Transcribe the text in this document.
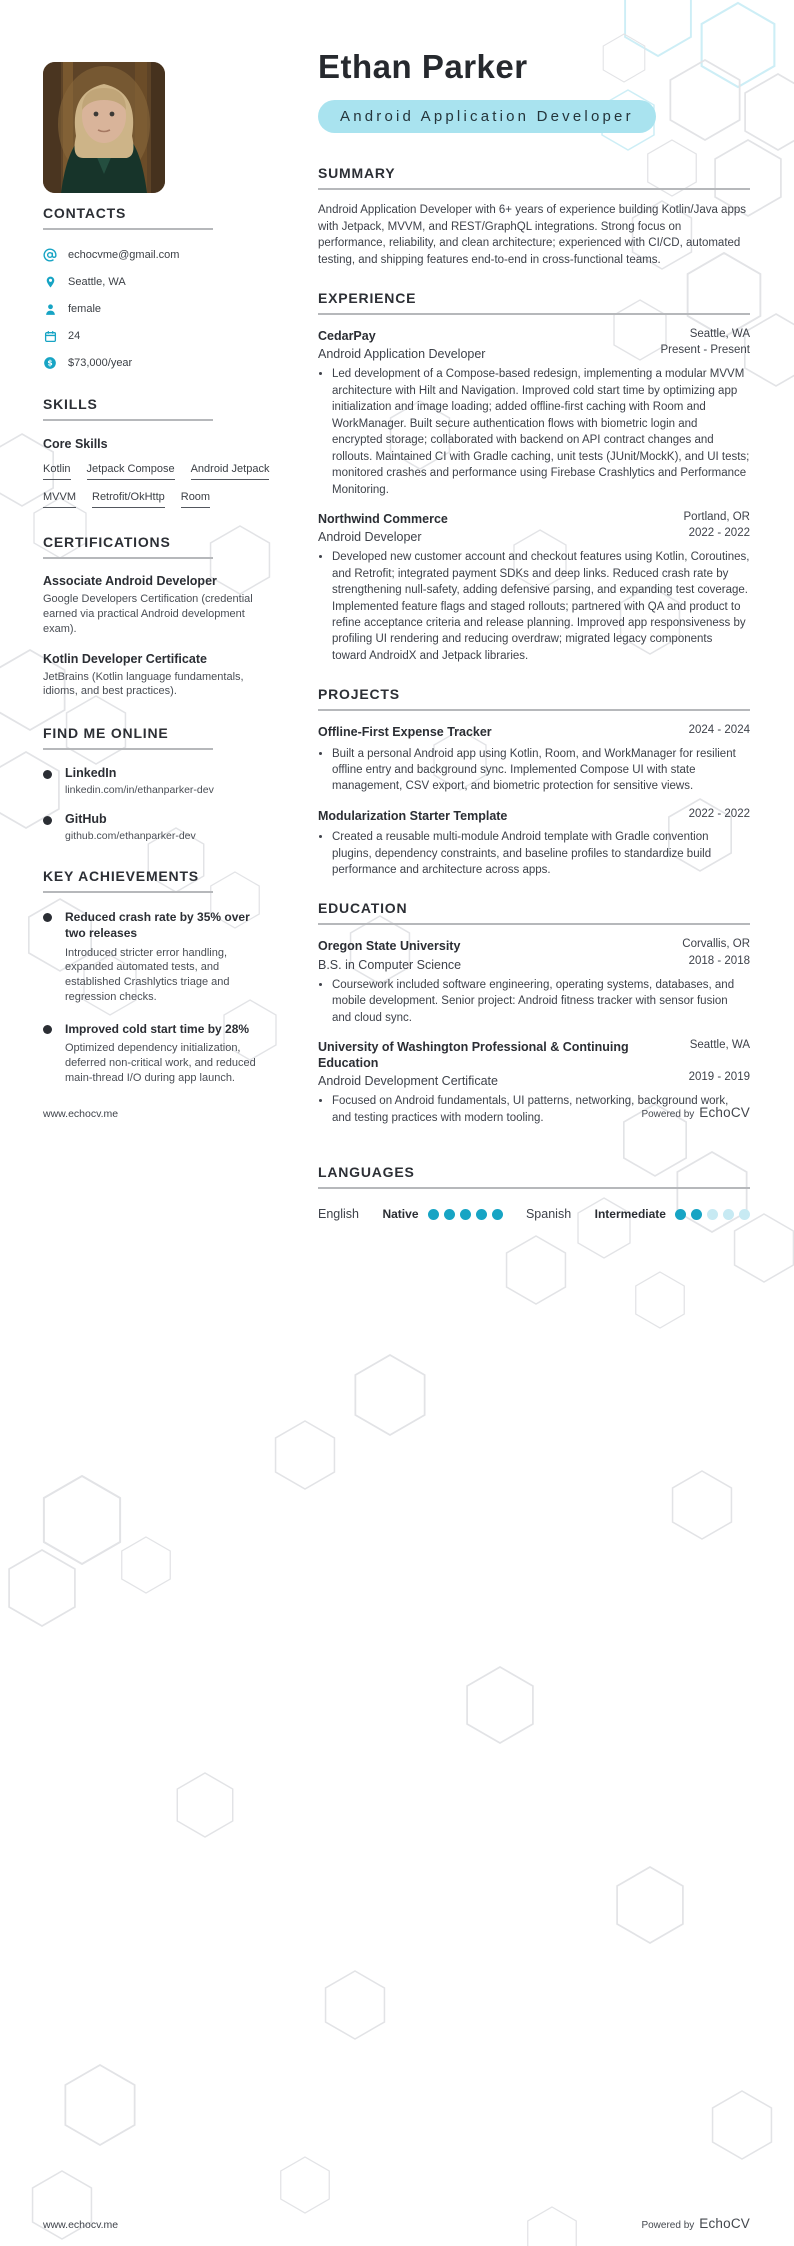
Ethan Parker
Android Application Developer
CONTACTS
echocvme@gmail.com
Seattle, WA
female
24
$ $73,000/year
SKILLS
Core Skills
Kotlin Jetpack Compose Android Jetpack
MVVM Retrofit/OkHttp Room
CERTIFICATIONS
Associate Android Developer
Google Developers Certification (credential earned via practical Android development exam).
Kotlin Developer Certificate
JetBrains (Kotlin language fundamentals, idioms, and best practices).
FIND ME ONLINE
LinkedIn
linkedin.com/in/ethanparker-dev
GitHub
github.com/ethanparker-dev
KEY ACHIEVEMENTS
Reduced crash rate by 35% over two releases
Introduced stricter error handling, expanded automated tests, and established Crashlytics triage and regression checks.
Improved cold start time by 28%
Optimized dependency initialization, deferred non-critical work, and reduced main-thread I/O during app launch.
SUMMARY
Android Application Developer with 6+ years of experience building Kotlin/Java apps with Jetpack, MVVM, and REST/GraphQL integrations. Strong focus on performance, reliability, and clean architecture; experienced with CI/CD, automated testing, and shipping features end-to-end in cross-functional teams.
EXPERIENCE
CedarPay	Seattle, WA
Android Application Developer	Present - Present
• Led development of a Compose-based redesign, implementing a modular MVVM architecture with Hilt and Navigation. Improved cold start time by optimizing app initialization and image loading; added offline-first caching with Room and WorkManager. Built secure authentication flows with biometric login and encrypted storage; collaborated with backend on API contract changes and rollouts. Maintained CI with Gradle caching, unit tests (JUnit/MockK), and UI tests; monitored crashes and performance using Firebase Crashlytics and Performance Monitoring.
Northwind Commerce	Portland, OR
Android Developer	2022 - 2022
• Developed new customer account and checkout features using Kotlin, Coroutines, and Retrofit; integrated payment SDKs and deep links. Reduced crash rate by strengthening null-safety, adding defensive parsing, and expanding test coverage. Implemented feature flags and staged rollouts; partnered with QA and product to refine acceptance criteria and release planning. Improved app responsiveness by profiling UI rendering and reducing overdraw; migrated legacy components toward AndroidX and Jetpack libraries.
PROJECTS
Offline-First Expense Tracker	2024 - 2024
• Built a personal Android app using Kotlin, Room, and WorkManager for resilient offline entry and background sync. Implemented Compose UI with state management, CSV export, and biometric protection for sensitive views.
Modularization Starter Template	2022 - 2022
• Created a reusable multi-module Android template with Gradle convention plugins, dependency constraints, and baseline profiles to standardize build performance and architecture across apps.
EDUCATION
Oregon State University	Corvallis, OR
B.S. in Computer Science	2018 - 2018
• Coursework included software engineering, operating systems, databases, and mobile development. Senior project: Android fitness tracker with sensor fusion and cloud sync.
University of Washington Professional & Continuing Education
Seattle, WA
Android Development Certificate	2019 - 2019
• Focused on Android fundamentals, UI patterns, networking, background work, and testing practices with modern tooling.
www.echocv.me	Powered by EchoCV
LANGUAGES
English Native	Spanish Intermediate
www.echocv.me	Powered by EchoCV
